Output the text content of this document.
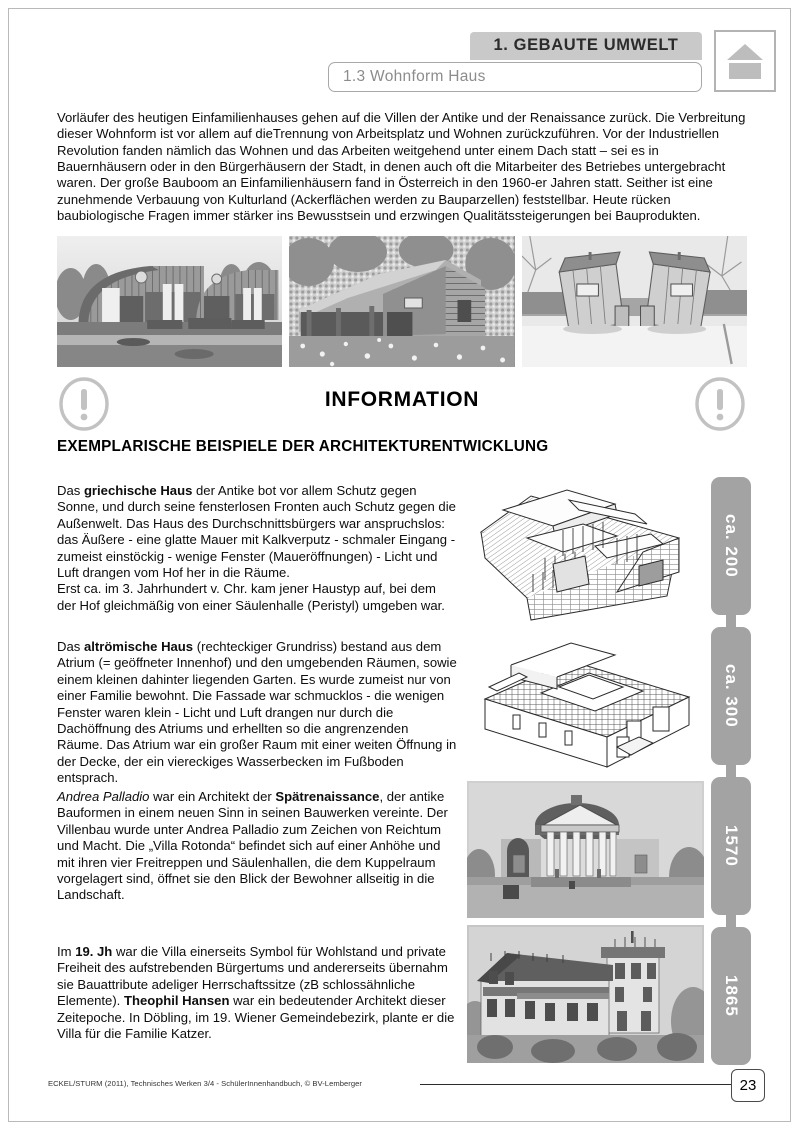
1. GEBAUTE UMWELT
1.3 Wohnform Haus
Vorläufer des heutigen Einfamilienhauses gehen auf die Villen der Antike und der Renaissance zurück. Die Verbreitung dieser Wohnform ist vor allem auf dieTrennung von Arbeitsplatz und Wohnen zurückzuführen. Vor der Industriellen Revolution fanden nämlich das Wohnen und das Arbeiten weitgehend unter einem Dach statt – sei es in Bauernhäusern oder in den Bürgerhäusern der Stadt, in denen auch oft die Mitarbeiter des Betriebes untergebracht waren. Der große Bauboom an Einfamilienhäusern fand in Österreich in den 1960-er Jahren statt. Seither ist eine zunehmende Verbauung von Kulturland (Ackerflächen werden zu Bauparzellen) feststellbar. Heute rücken baubiologische Fragen immer stärker ins Bewusstsein und erzwingen Qualitätssteigerungen bei Bauprodukten.
INFORMATION
EXEMPLARISCHE BEISPIELE DER ARCHITEKTURENTWICKLUNG

Das griechische Haus der Antike bot vor allem Schutz gegen Sonne, und durch seine fensterlosen Fronten auch Schutz gegen die Außenwelt. Das Haus des Durchschnittsbürgers war anspruchslos: das Äußere - eine glatte Mauer mit Kalkverputz - schmaler Eingang - zumeist einstöckig - wenige Fenster (Maueröffnungen) - Licht und Luft drangen vom Hof her in die Räume.

Erst ca. im 3. Jahrhundert v. Chr. kam jener Haustyp auf, bei dem der Hof gleichmäßig von einer Säulenhalle (Peristyl) umgeben war.

Das altrömische Haus (rechteckiger Grundriss) bestand aus dem Atrium (= geöffneter Innenhof) und den umgebenden Räumen, sowie einem kleinen dahinter liegenden Garten. Es wurde zumeist nur von einer Familie bewohnt. Die Fassade war schmucklos - die wenigen Fenster waren klein - Licht und Luft drangen nur durch die Dachöffnung des Atriums und erhellten so die angrenzenden Räume. Das Atrium war ein großer Raum mit einer weiten Öffnung in der Decke, der ein viereckiges Wasserbecken im Fußboden entsprach.

Andrea Palladio war ein Architekt der Spätrenaissance, der antike Bauformen in einem neuen Sinn in seinen Bauwerken vereinte. Der Villenbau wurde unter Andrea Palladio zum Zeichen von Reichtum und Macht. Die „Villa Rotonda“ befindet sich auf einer Anhöhe und mit ihren vier Freitreppen und Säulenhallen, die dem Kuppelraum vorgelagert sind, öffnet sie den Blick der Bewohner allseitig in die Landschaft.

Im 19. Jh war die Villa einerseits Symbol für Wohlstand und private Freiheit des aufstrebenden Bürgertums und andererseits übernahm sie Bauattribute adeliger Herrschaftssitze (zB schlossähnliche Elemente). Theophil Hansen war ein bedeutender Architekt dieser Zeitepoche. In Döbling, im 19. Wiener Gemeindebezirk, plante er die Villa für die Familie Katzer.

ca. 200
ca. 300
1570
1865
ECKEL/STURM (2011), Technisches Werken 3/4 - SchülerInnenhandbuch, © BV-Lemberger	23
